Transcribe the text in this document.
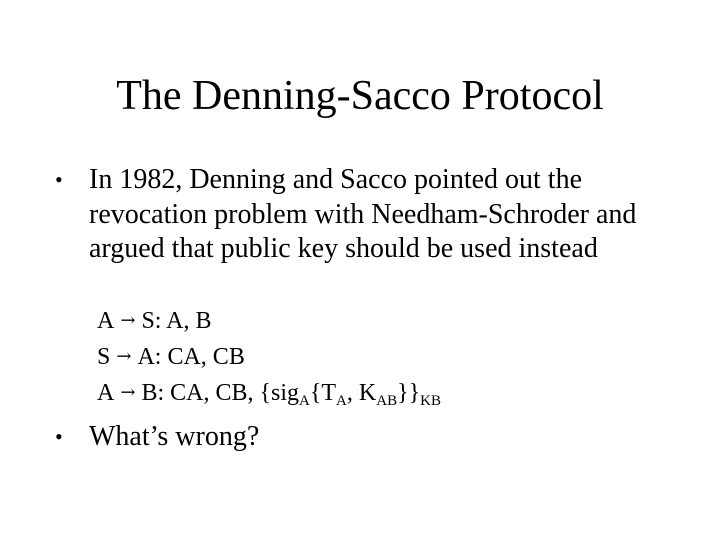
The Denning-Sacco Protocol
• In 1982, Denning and Sacco pointed out the revocation problem with Needham-Schroder and argued that public key should be used instead
A → S: A, B
S → A: CA, CB
A → B: CA, CB, {$sig_A\{T_A$, $K_{AB}\}\}_{KB}$
• What’s wrong?
